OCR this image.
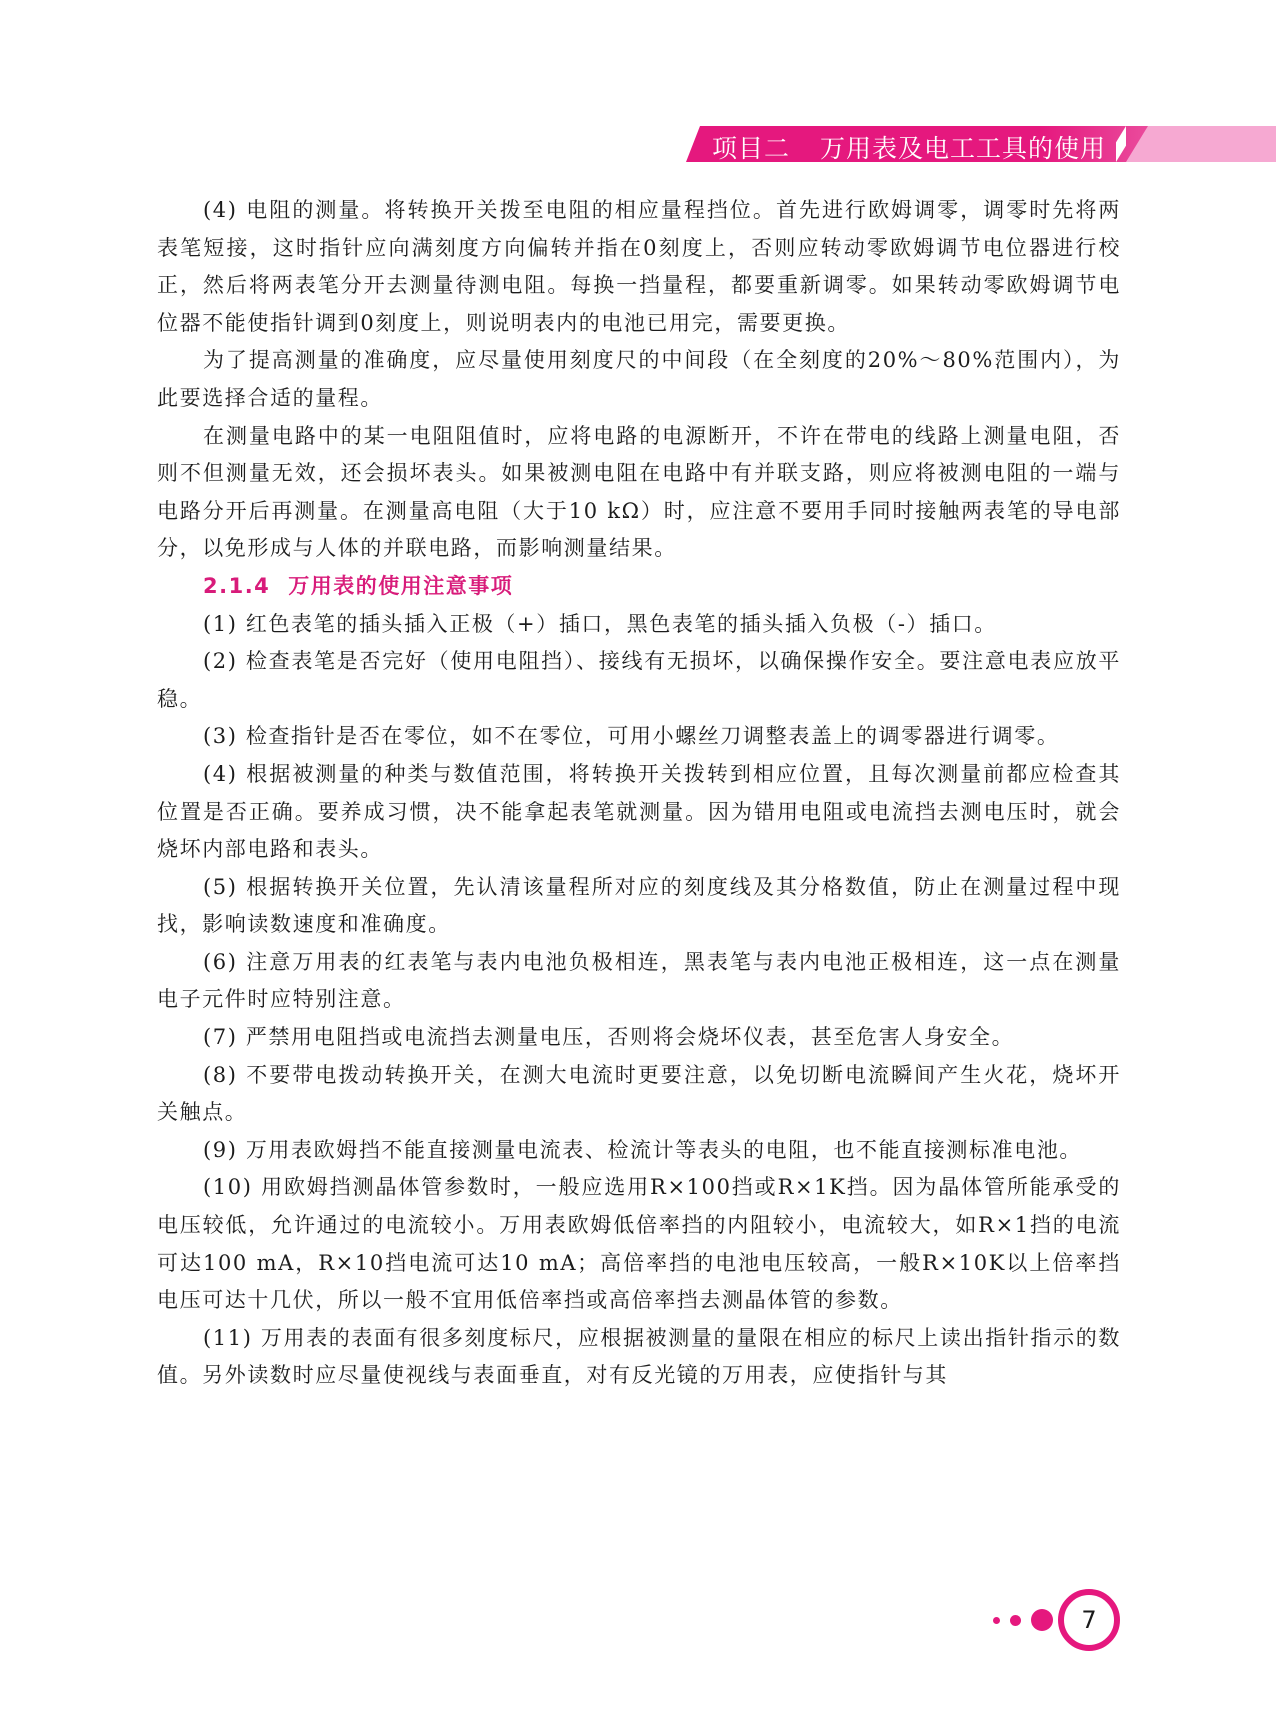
项目二 万用表及电工工具的使用

(4) 电阻的测量。将转换开关拨至电阻的相应量程挡位。首先进行欧姆调零，调零时先将两表笔短接，这时指针应向满刻度方向偏转并指在0刻度上，否则应转动零欧姆调节电位器进行校正，然后将两表笔分开去测量待测电阻。每换一挡量程，都要重新调零。如果转动零欧姆调节电位器不能使指针调到0刻度上，则说明表内的电池已用完，需要更换。

为了提高测量的准确度，应尽量使用刻度尺的中间段（在全刻度的20%～80%范围内），为此要选择合适的量程。

在测量电路中的某一电阻阻值时，应将电路的电源断开，不许在带电的线路上测量电阻，否则不但测量无效，还会损坏表头。如果被测电阻在电路中有并联支路，则应将被测电阻的一端与电路分开后再测量。在测量高电阻（大于10 kΩ）时，应注意不要用手同时接触两表笔的导电部分，以免形成与人体的并联电路，而影响测量结果。

2.1.4 万用表的使用注意事项

(1) 红色表笔的插头插入正极（+）插口，黑色表笔的插头插入负极（-）插口。

(2) 检查表笔是否完好（使用电阻挡）、接线有无损坏，以确保操作安全。要注意电表应放平稳。

(3) 检查指针是否在零位，如不在零位，可用小螺丝刀调整表盖上的调零器进行调零。

(4) 根据被测量的种类与数值范围，将转换开关拨转到相应位置，且每次测量前都应检查其位置是否正确。要养成习惯，决不能拿起表笔就测量。因为错用电阻或电流挡去测电压时，就会烧坏内部电路和表头。

(5) 根据转换开关位置，先认清该量程所对应的刻度线及其分格数值，防止在测量过程中现找，影响读数速度和准确度。

(6) 注意万用表的红表笔与表内电池负极相连，黑表笔与表内电池正极相连，这一点在测量电子元件时应特别注意。

(7) 严禁用电阻挡或电流挡去测量电压，否则将会烧坏仪表，甚至危害人身安全。

(8) 不要带电拨动转换开关，在测大电流时更要注意，以免切断电流瞬间产生火花，烧坏开关触点。

(9) 万用表欧姆挡不能直接测量电流表、检流计等表头的电阻，也不能直接测标准电池。

(10) 用欧姆挡测晶体管参数时，一般应选用R×100挡或R×1K挡。因为晶体管所能承受的电压较低，允许通过的电流较小。万用表欧姆低倍率挡的内阻较小，电流较大，如R×1挡的电流可达100 mA，R×10挡电流可达10 mA；高倍率挡的电池电压较高，一般R×10K以上倍率挡电压可达十几伏，所以一般不宜用低倍率挡或高倍率挡去测晶体管的参数。

(11) 万用表的表面有很多刻度标尺，应根据被测量的量限在相应的标尺上读出指针指示的数值。另外读数时应尽量使视线与表面垂直，对有反光镜的万用表，应使指针与其

7
